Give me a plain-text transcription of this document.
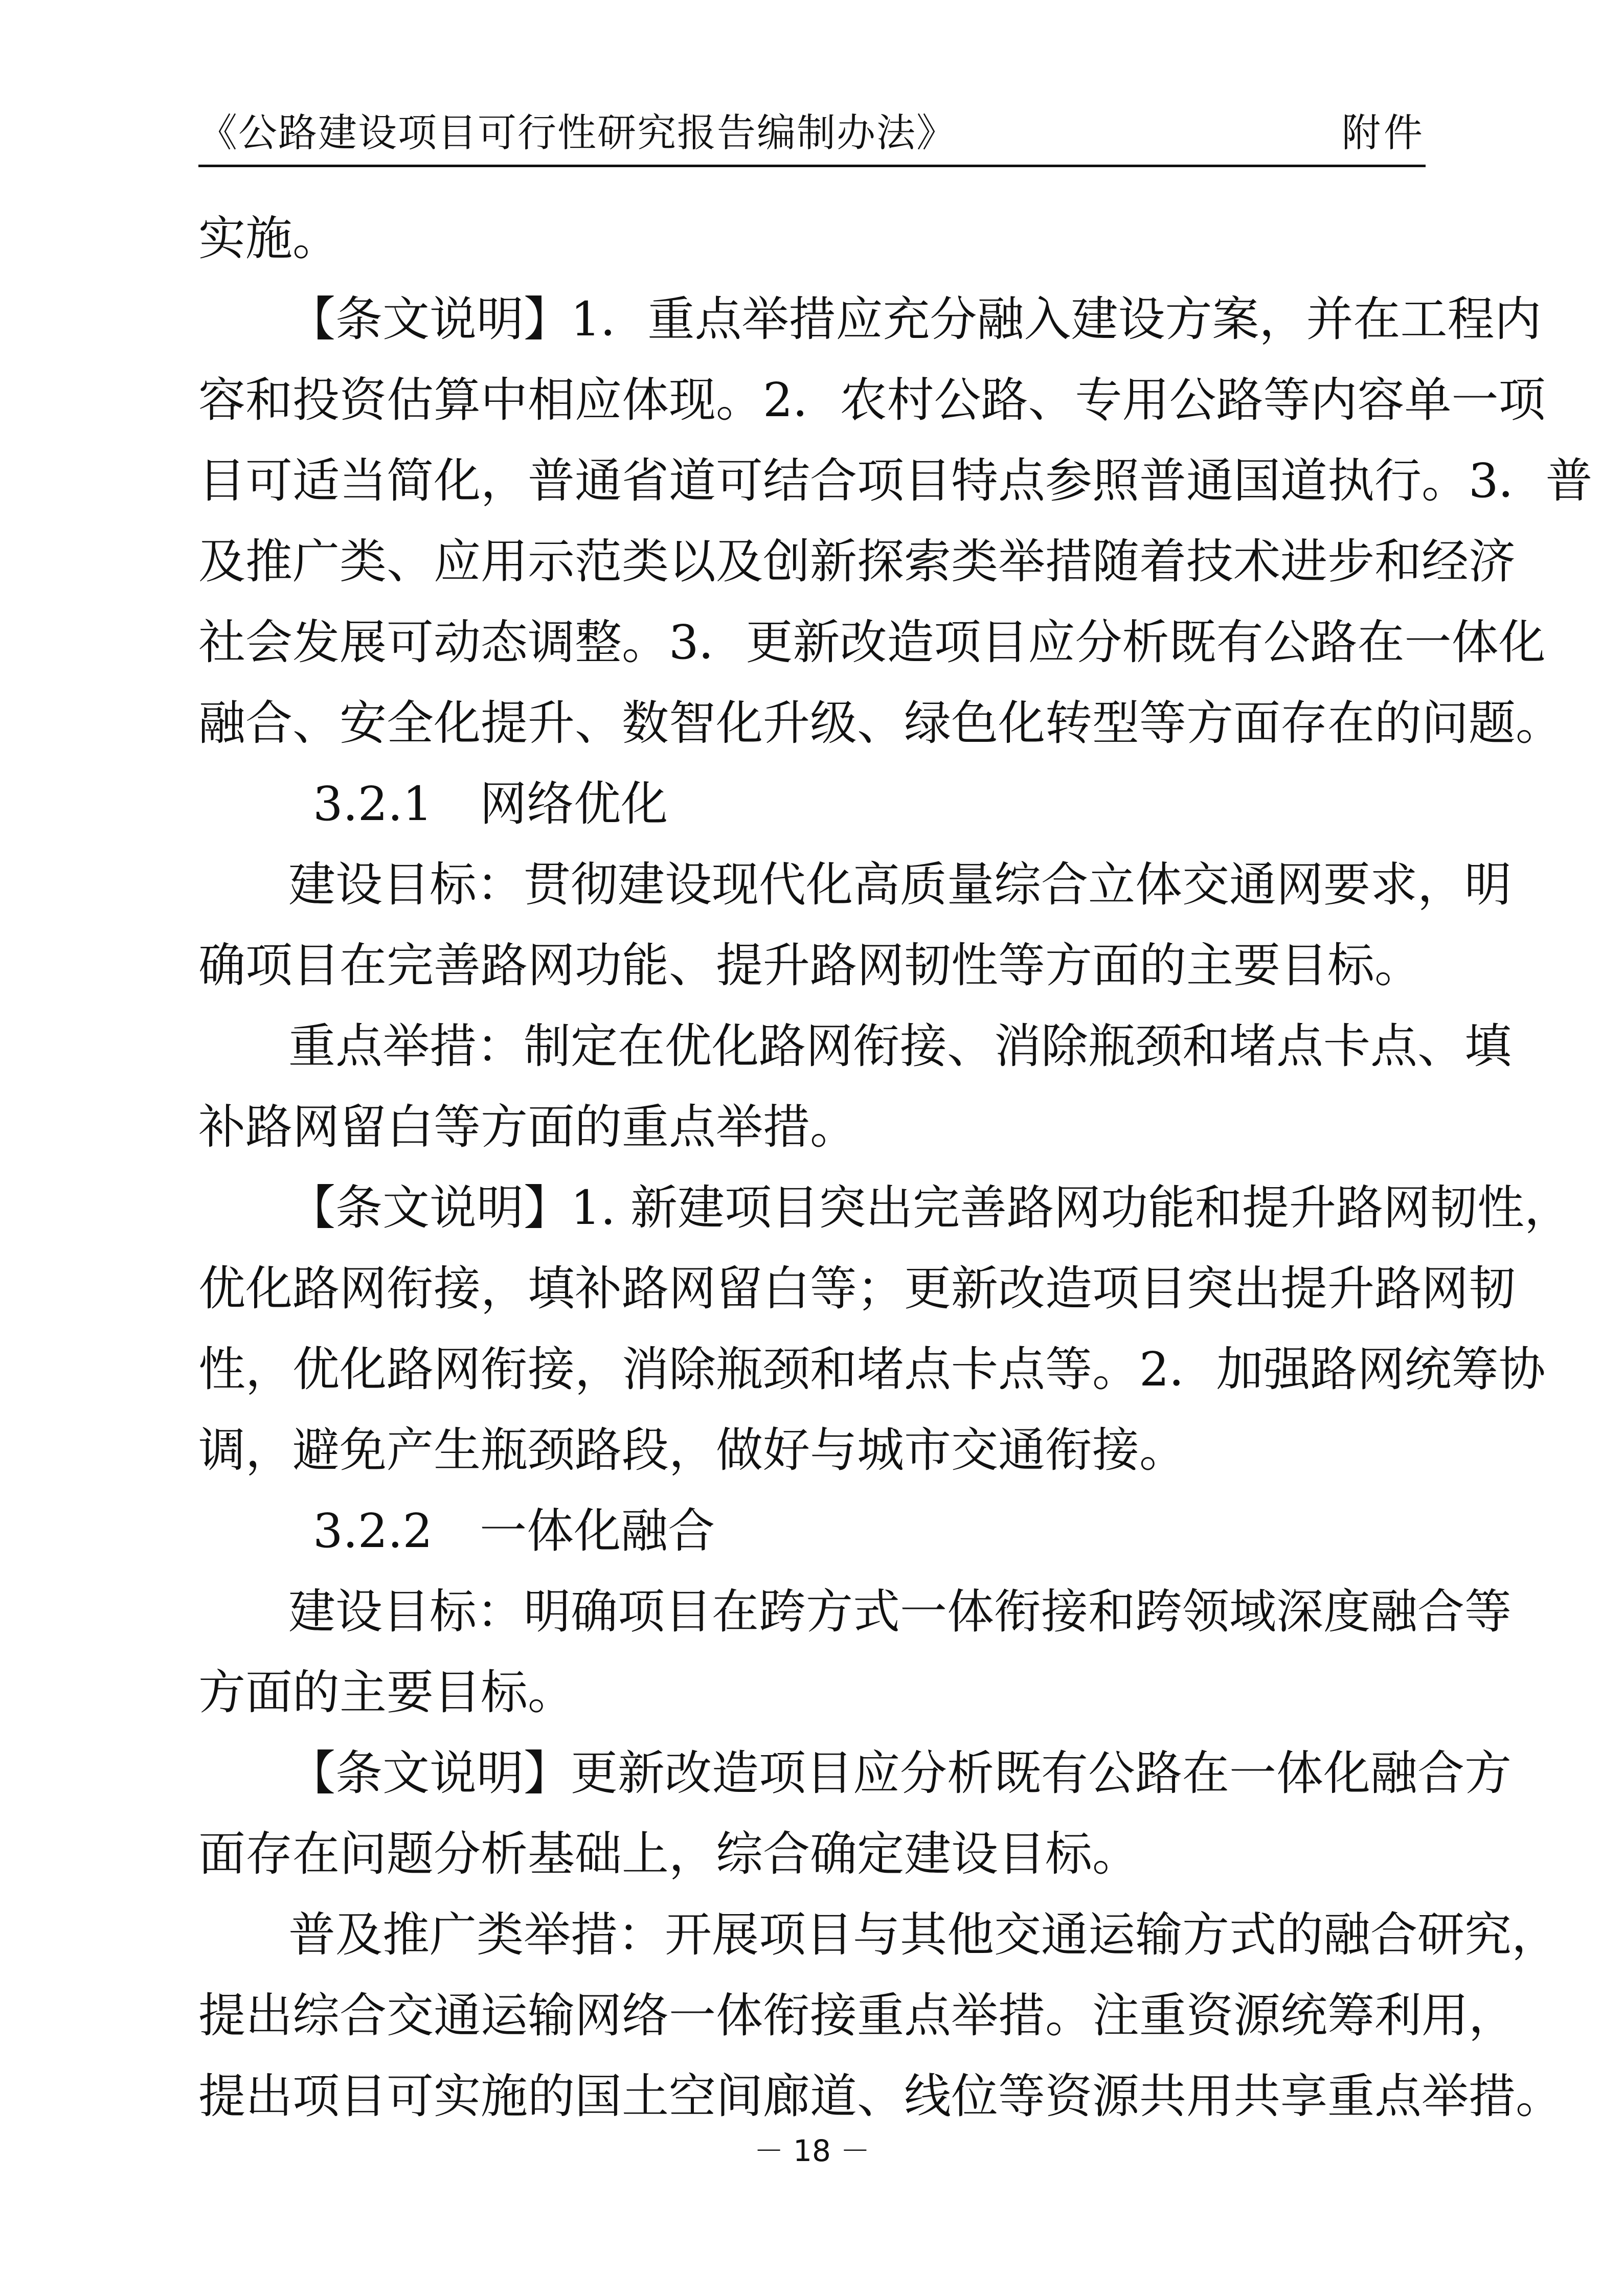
《公路建设项目可行性研究报告编制办法》	附件
实施。
【条文说明】1．重点举措应充分融入建设方案，并在工程内
容和投资估算中相应体现。2．农村公路、专用公路等内容单一项
目可适当简化，普通省道可结合项目特点参照普通国道执行。3．普
及推广类、应用示范类以及创新探索类举措随着技术进步和经济
社会发展可动态调整。3．更新改造项目应分析既有公路在一体化
融合、安全化提升、数智化升级、绿色化转型等方面存在的问题。
3.2.1　网络优化
建设目标：贯彻建设现代化高质量综合立体交通网要求，明
确项目在完善路网功能、提升路网韧性等方面的主要目标。
重点举措：制定在优化路网衔接、消除瓶颈和堵点卡点、填
补路网留白等方面的重点举措。
【条文说明】1. 新建项目突出完善路网功能和提升路网韧性，
优化路网衔接，填补路网留白等；更新改造项目突出提升路网韧
性，优化路网衔接，消除瓶颈和堵点卡点等。2．加强路网统筹协
调，避免产生瓶颈路段，做好与城市交通衔接。
3.2.2　一体化融合
建设目标：明确项目在跨方式一体衔接和跨领域深度融合等
方面的主要目标。
【条文说明】更新改造项目应分析既有公路在一体化融合方
面存在问题分析基础上，综合确定建设目标。
普及推广类举措：开展项目与其他交通运输方式的融合研究，
提出综合交通运输网络一体衔接重点举措。注重资源统筹利用，
提出项目可实施的国土空间廊道、线位等资源共用共享重点举措。
－ 18 －
